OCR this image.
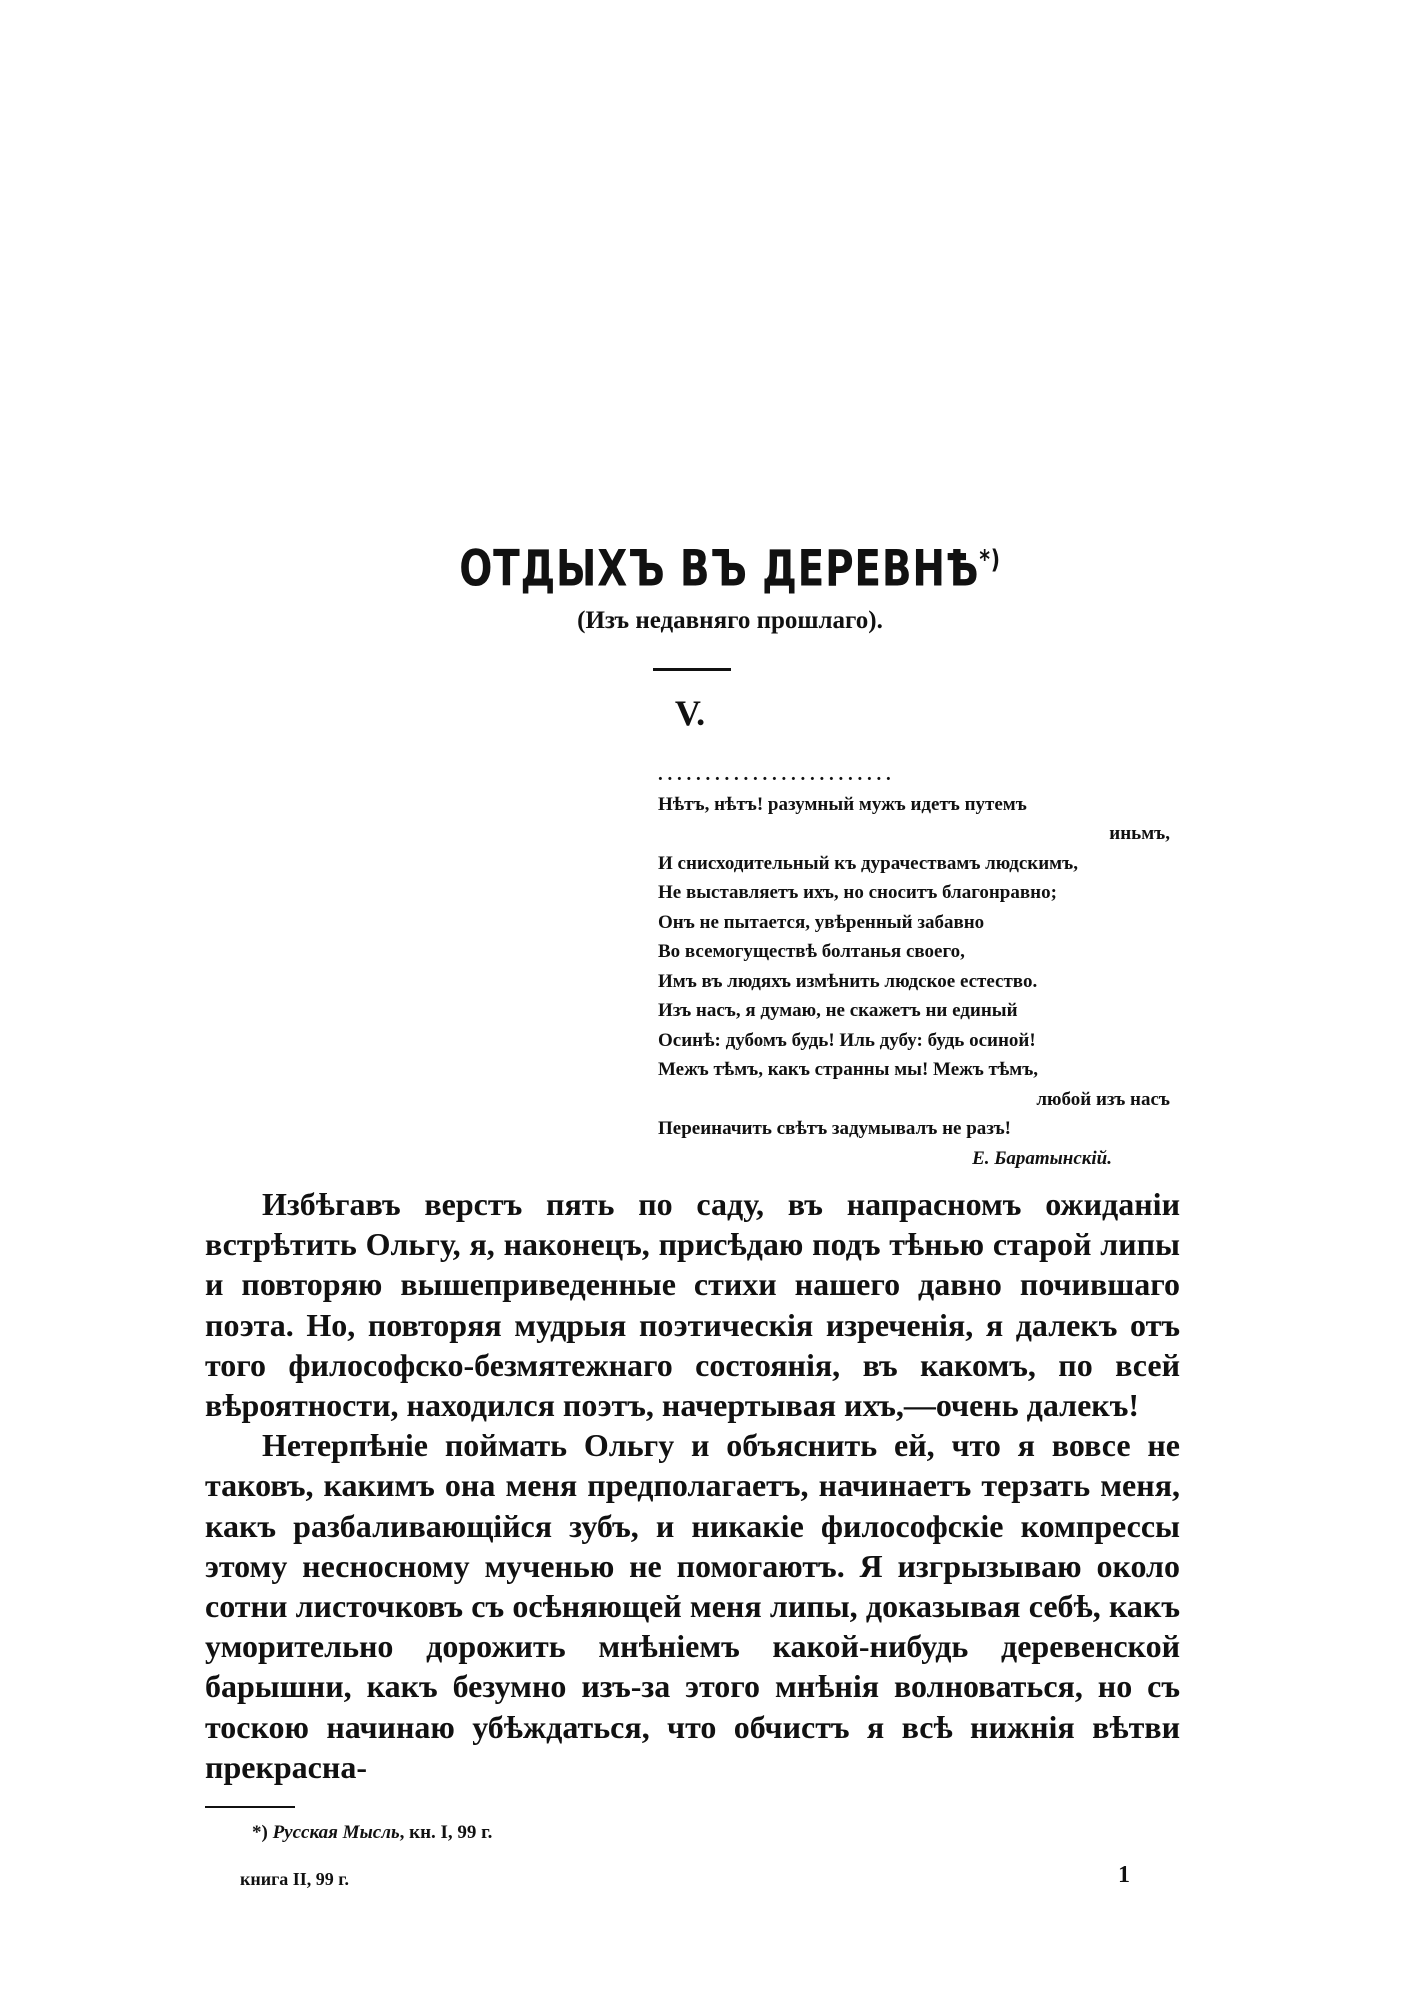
ОТДЫХЪ ВЪ ДЕРЕВНѢ*)
(Изъ недавняго прошлаго).
V.
. . . . . . . . . . . . . . . . . . . . . . . . .
Нѣтъ, нѣтъ! разумный мужъ идетъ путемъ
иньмъ,
И снисходительный къ дурачествамъ людскимъ,
Не выставляетъ ихъ, но сноситъ благонравно;
Онъ не пытается, увѣренный забавно
Во всемогуществѣ болтанья своего,
Имъ въ людяхъ измѣнить людское естество.
Изъ насъ, я думаю, не скажетъ ни единый
Осинѣ: дубомъ будь! Иль дубу: будь осиной!
Межъ тѣмъ, какъ странны мы! Межъ тѣмъ,
любой изъ насъ
Переиначить свѣтъ задумывалъ не разъ!
Е. Баратынскій.

Избѣгавъ верстъ пять по саду, въ напрасномъ ожиданіи встрѣтить Ольгу, я, наконецъ, присѣдаю подъ тѣнью старой липы и повторяю вышеприведенные стихи нашего давно почившаго поэта. Но, повторяя мудрыя поэтическія изреченія, я далекъ отъ того философско-безмятежнаго состоянія, въ какомъ, по всей вѣроятности, находился поэтъ, начертывая ихъ,—очень далекъ!

Нетерпѣніе поймать Ольгу и объяснить ей, что я вовсе не таковъ, какимъ она меня предполагаетъ, начинаетъ терзать меня, какъ разбаливающійся зубъ, и никакіе философскіе компрессы этому несносному мученью не помогаютъ. Я изгрызываю около сотни листочковъ съ осѣняющей меня липы, доказывая себѣ, какъ уморительно дорожить мнѣніемъ какой-нибудь деревенской барышни, какъ безумно изъ-за этого мнѣнія волноваться, но съ тоскою начинаю убѣждаться, что обчистъ я всѣ нижнія вѣтви прекрасна-

*) Русская Мысль, кн. I, 99 г.
книга II, 99 г.	1
